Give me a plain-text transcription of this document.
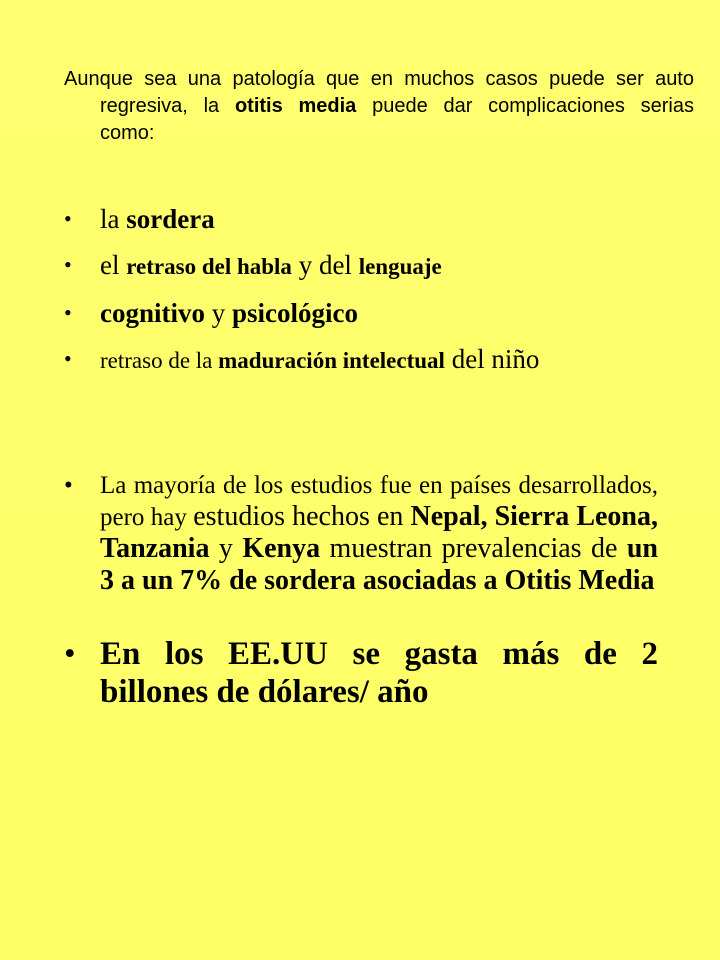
Aunque sea una patología que en muchos casos puede ser auto regresiva, la otitis media puede dar complicaciones serias como:

• la sordera
• el retraso del habla y del lenguaje
• cognitivo y psicológico
• retraso de la maduración intelectual del niño
• La mayoría de los estudios fue en países desarrollados, pero hay estudios hechos en Nepal, Sierra Leona, Tanzania y Kenya muestran prevalencias de un 3 a un 7% de sordera asociadas a Otitis Media
• En los EE.UU se gasta más de 2 billones de dólares/ año
